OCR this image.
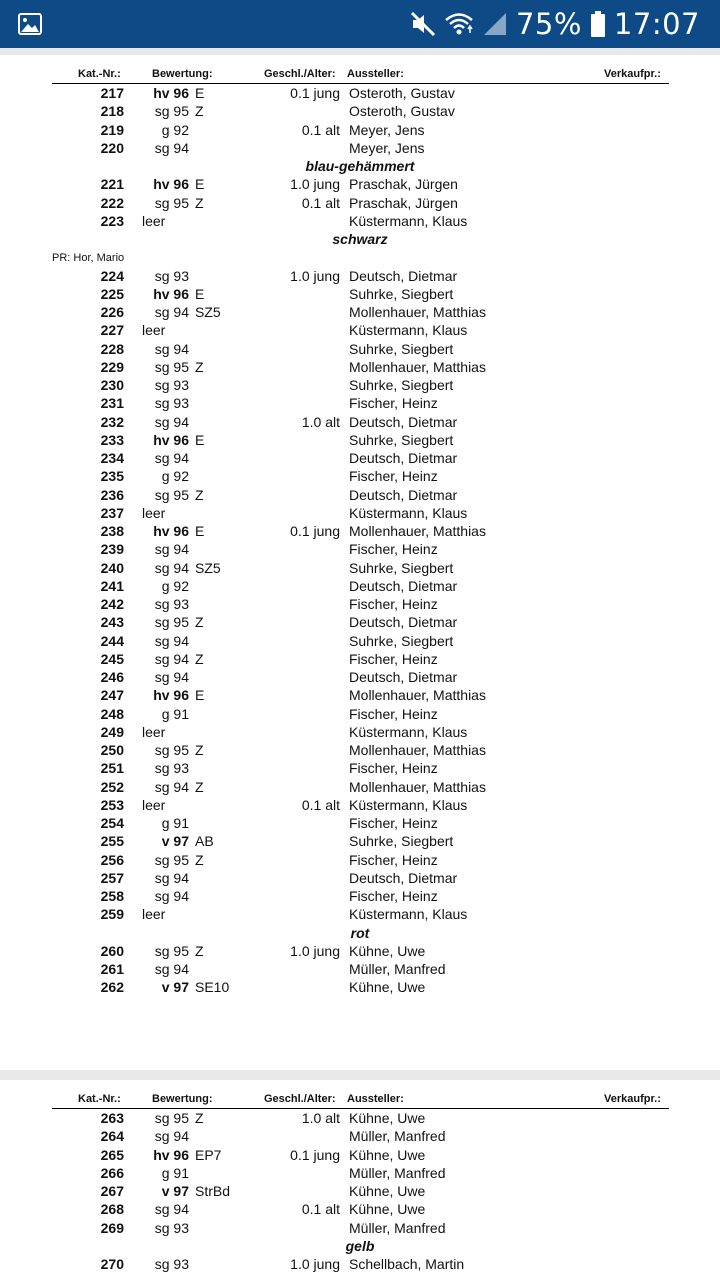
75% 17:07
Kat.-Nr.:	Bewertung:	Geschl./Alter: Aussteller:	Verkaufpr.:
217	hv 96 E	0.1 jung Osteroth, Gustav
218	sg 95 Z	Osteroth, Gustav
219	g 92	0.1 alt Meyer, Jens
220	sg 94	Meyer, Jens
blau-gehämmert
221	hv 96 E	1.0 jung Praschak, Jürgen
222	sg 95 Z	0.1 alt Praschak, Jürgen
223 leer	Küstermann, Klaus
schwarz
PR: Hor, Mario
224	sg 93	1.0 jung Deutsch, Dietmar
225	hv 96 E	Suhrke, Siegbert
226	sg 94 SZ5	Mollenhauer, Matthias
227 leer	Küstermann, Klaus
228	sg 94	Suhrke, Siegbert
229	sg 95 Z	Mollenhauer, Matthias
230	sg 93	Suhrke, Siegbert
231	sg 93	Fischer, Heinz
232	sg 94	1.0 alt Deutsch, Dietmar
233	hv 96 E	Suhrke, Siegbert
234	sg 94	Deutsch, Dietmar
235	g 92	Fischer, Heinz
236	sg 95 Z	Deutsch, Dietmar
237 leer	Küstermann, Klaus
238	hv 96 E	0.1 jung Mollenhauer, Matthias
239	sg 94	Fischer, Heinz
240	sg 94 SZ5	Suhrke, Siegbert
241	g 92	Deutsch, Dietmar
242	sg 93	Fischer, Heinz
243	sg 95 Z	Deutsch, Dietmar
244	sg 94	Suhrke, Siegbert
245	sg 94 Z	Fischer, Heinz
246	sg 94	Deutsch, Dietmar
247	hv 96 E	Mollenhauer, Matthias
248	g 91	Fischer, Heinz
249 leer	Küstermann, Klaus
250	sg 95 Z	Mollenhauer, Matthias
251	sg 93	Fischer, Heinz
252	sg 94 Z	Mollenhauer, Matthias
253 leer	0.1 alt Küstermann, Klaus
254	g 91	Fischer, Heinz
255	v 97 AB	Suhrke, Siegbert
256	sg 95 Z	Fischer, Heinz
257	sg 94	Deutsch, Dietmar
258	sg 94	Fischer, Heinz
259 leer	Küstermann, Klaus
rot
260	sg 95 Z	1.0 jung Kühne, Uwe
261	sg 94	Müller, Manfred
262	v 97 SE10	Kühne, Uwe
Kat.-Nr.:	Bewertung:	Geschl./Alter: Aussteller:	Verkaufpr.:
263	sg 95 Z	1.0 alt Kühne, Uwe
264	sg 94	Müller, Manfred
265	hv 96 EP7	0.1 jung Kühne, Uwe
266	g 91	Müller, Manfred
267	v 97 StrBd	Kühne, Uwe
268	sg 94	0.1 alt Kühne, Uwe
269	sg 93	Müller, Manfred
gelb
270	sg 93	1.0 jung Schellbach, Martin
